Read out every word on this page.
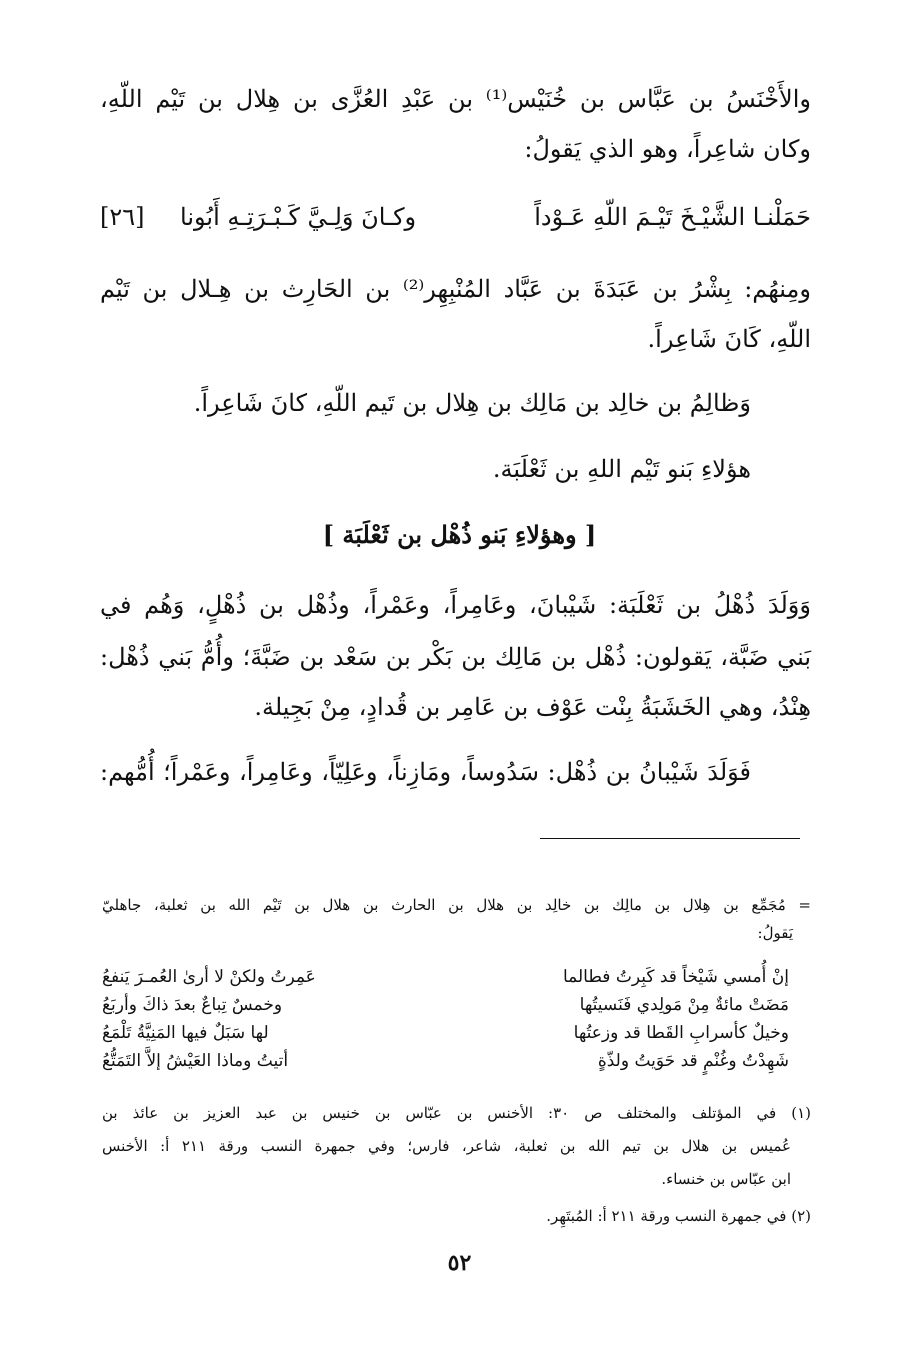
والأَخْنَسُ بن عَبَّاس بن خُنَيْس⁽¹⁾ بن عَبْدِ العُزَّى بن هِلال بن تَيْم اللّهِ،
وكان شاعِراً، وهو الذي يَقولُ:
حَمَلْنـا الشَّيْـخَ تَيْـمَ اللّهِ عَـوْداً
وكـانَ وَلِـيَّ كَـبْـرَتِـهِ أَبُونا
[٢٦]
ومِنهُم: بِشْرُ بن عَبَدَةَ بن عَبَّاد المُنْبِهِر⁽²⁾ بن الحَارِث بن هِـلال بن تَيْم
اللّهِ، كَانَ شَاعِراً.
وَظالِمُ بن خالِد بن مَالِك بن هِلال بن تَيم اللّهِ، كانَ شَاعِراً.
هؤلاءِ بَنو تَيْم اللهِ بن ثَعْلَبَة.
[ وهؤلاءِ بَنو ذُهْل بن ثَعْلَبَة ]
وَوَلَدَ ذُهْلُ بن ثَعْلَبَة: شَيْبانَ، وعَامِراً، وعَمْراً، وذُهْل بن ذُهْلٍ، وَهُم في
بَني ضَبَّة، يَقولون: ذُهْل بن مَالِك بن بَكْر بن سَعْد بن ضَبَّةَ؛ وأُمُّ بَني ذُهْل:
هِنْدُ، وهي الخَشَبَةُ بِنْت عَوْف بن عَامِر بن قُدادٍ، مِنْ بَجِيلة.
فَوَلَدَ شَيْبانُ بن ذُهْل: سَدُوساً، ومَازِناً، وعَلِيّاً، وعَامِراً، وعَمْراً؛ أُمُّهم:
= مُجَمِّع بن هِلال بن مالِك بن خالِد بن هلال بن الحارث بن هلال بن تَيْم الله بن ثعلبة، جاهليّ
يَقولُ:
إنْ أُمسي شَيْخاً قد كَبِرتُ فطالما
عَمِرتُ ولكنْ لا أرىٰ العُمـرَ يَنفعُ
مَضَتْ مائةٌ مِنْ مَولِدي فَنَسيتُها
وخمسٌ تِباعٌ بعدَ ذاكَ وأربَعُ
وخيلٌ كأسرابِ القَطا قد وزعتُها
لها سَبَلٌ فيها المَنِيَّةُ تَلْمَعُ
شَهِدْتُ وغُنْمٍ قد حَوَيتُ ولذّةٍ
أتيتُ وماذا العَيْشُ إلاَّ التَمَتُّعُ
(١) في المؤتلف والمختلف ص ٣٠: الأخنس بن عبّاس بن خنيس بن عبد العزيز بن عائذ بن
عُميس بن هلال بن تيم الله بن ثعلبة، شاعر، فارس؛ وفي جمهرة النسب ورقة ٢١١ أ: الأخنس
ابن عبّاس بن خنساء.
(٢) في جمهرة النسب ورقة ٢١١ أ: المُبتَهِر.
٥٢
